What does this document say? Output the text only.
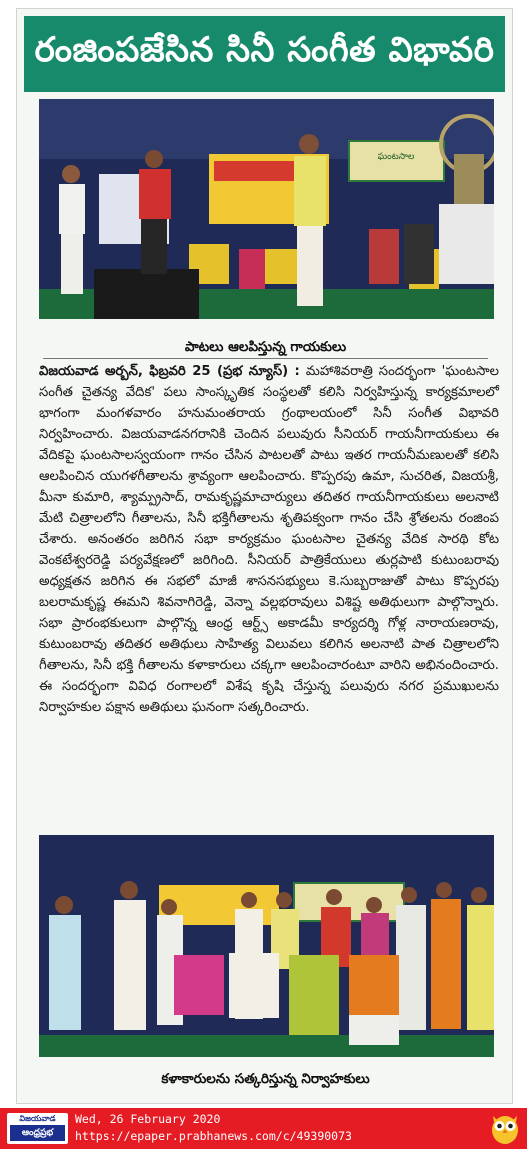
రంజింపజేసిన సినీ సంగీత విభావరి
ఘంటసాల
పాటలు ఆలపిస్తున్న గాయకులు
విజయవాడ అర్బన్, ఫిబ్రవరి 25 (ప్రభ న్యూస్) : మహాశివరాత్రి సందర్భంగా 'ఘంటసాల సంగీత చైతన్య వేదిక' పలు సాంస్కృతిక సంస్థలతో కలిసి నిర్వహిస్తున్న కార్యక్రమాలలో భాగంగా మంగళవారం హనుమంతరాయ గ్రంథాలయంలో సినీ సంగీత విభావరి నిర్వహించారు. విజయవాడనగరానికి చెందిన పలువురు సీనియర్ గాయనీగాయకులు ఈ వేదికపై ఘంటసాలస్వయంగా గానం చేసిన పాటలతో పాటు ఇతర గాయనీమణులతో కలిసి ఆలపించిన యుగళగీతాలను శ్రావ్యంగా ఆలపించారు. కొప్పరపు ఉమా, సుచరిత, విజయశ్రీ, మీనా కుమారి, శ్యామ్ప్రసాద్, రామకృష్ణమాచార్యులు తదితర గాయనీగాయకులు అలనాటి మేటి చిత్రాలలోని గీతాలను, సినీ భక్తిగీతాలను శృతిపక్వంగా గానం చేసి శ్రోతలను రంజింప చేశారు. అనంతరం జరిగిన సభా కార్యక్రమం ఘంటసాల చైతన్య వేదిక సారథి కోట వెంకటేశ్వరరెడ్డి పర్యవేక్షణలో జరిగింది. సీనియర్ పాత్రికేయులు తుర్లపాటి కుటుంబరావు అధ్యక్షతన జరిగిన ఈ సభలో మాజీ శాసనసభ్యులు కె.సుబ్బరాజుతో పాటు కొప్పరపు బలరామకృష్ణ ఈమని శివనాగిరెడ్డి, వెన్నా వల్లభరావులు విశిష్ట అతిథులుగా పాల్గొన్నారు. సభా ప్రారంభకులుగా పాల్గొన్న ఆంధ్ర ఆర్ట్స్ అకాడమీ కార్యదర్శి గోళ్ల నారాయణరావు, కుటుంబరావు తదితర అతిథులు సాహిత్య విలువలు కలిగిన అలనాటి పాత చిత్రాలలోని గీతాలను, సినీ భక్తి గీతాలను కళాకారులు చక్కగా ఆలపించారంటూ వారిని అభినందించారు. ఈ సందర్భంగా వివిధ రంగాలలో విశేష కృషి చేస్తున్న పలువురు నగర ప్రముఖులను నిర్వాహకుల పక్షాన అతిథులు ఘనంగా సత్కరించారు.
కళాకారులను సత్కరిస్తున్న నిర్వాహకులు
విజయవాడ
ఆంధ్రప్రభ
Wed, 26 February 2020
https://epaper.prabhanews.com/c/49390073
